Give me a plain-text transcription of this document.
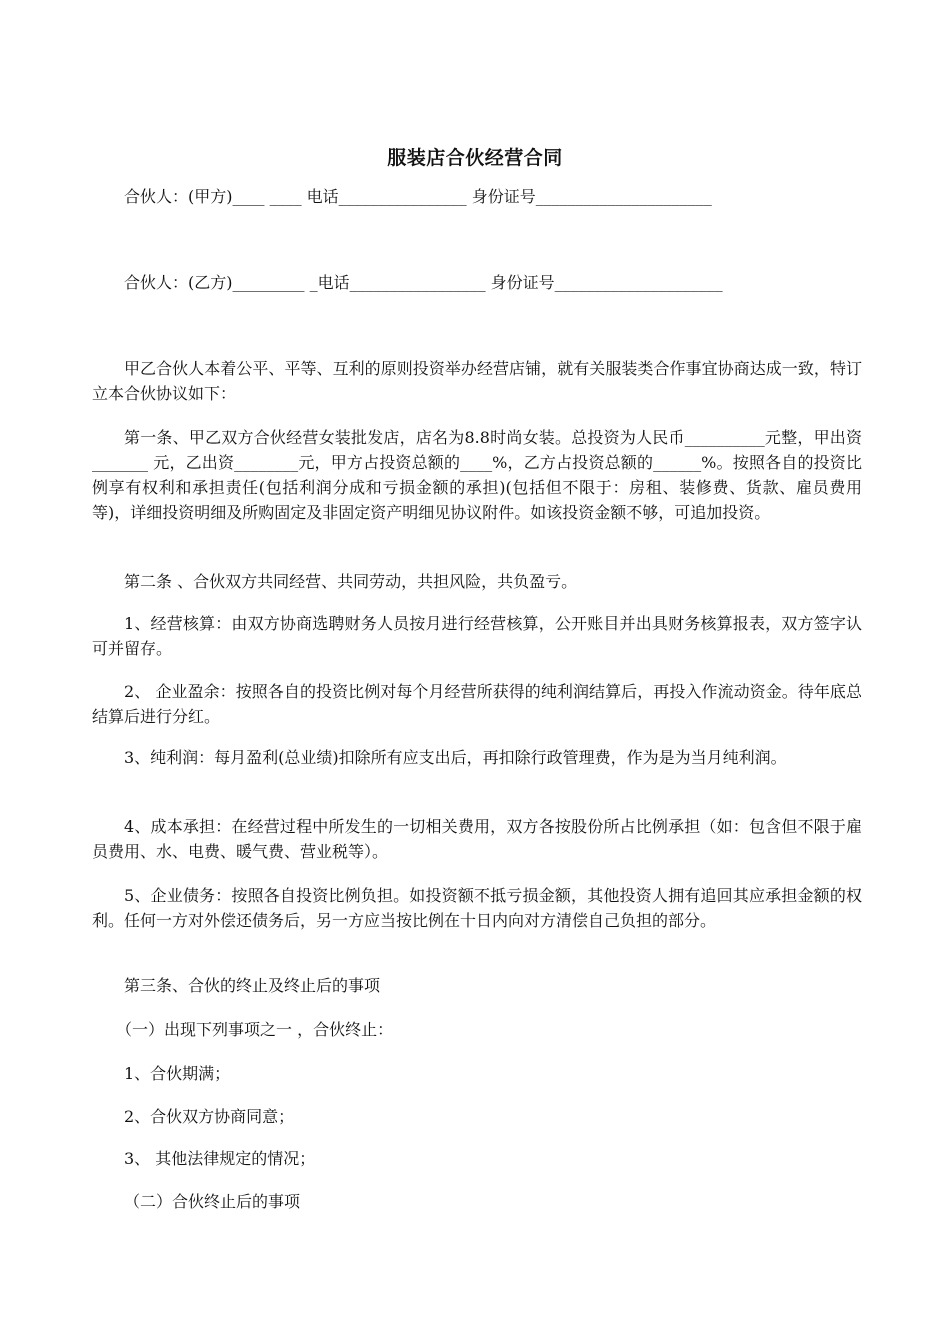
服装店合伙经营合同
合伙人：(甲方)____ ____ 电话________________ 身份证号______________________
合伙人：(乙方)_________ _电话_________________ 身份证号_____________________
甲乙合伙人本着公平、平等、互利的原则投资举办经营店铺，就有关服装类合作事宜协商达成一致，特订立本合伙协议如下：
第一条、甲乙双方合伙经营女装批发店，店名为8.8时尚女装。总投资为人民币__________元整，甲出资_______ 元，乙出资________元，甲方占投资总额的____%，乙方占投资总额的______%。按照各自的投资比例享有权利和承担责任(包括利润分成和亏损金额的承担)(包括但不限于：房租、装修费、货款、雇员费用等)，详细投资明细及所购固定及非固定资产明细见协议附件。如该投资金额不够，可追加投资。
第二条 、合伙双方共同经营、共同劳动，共担风险，共负盈亏。
1、经营核算：由双方协商选聘财务人员按月进行经营核算，公开账目并出具财务核算报表，双方签字认可并留存。
2、 企业盈余：按照各自的投资比例对每个月经营所获得的纯利润结算后，再投入作流动资金。待年底总结算后进行分红。
3、纯利润：每月盈利(总业绩)扣除所有应支出后，再扣除行政管理费，作为是为当月纯利润。
4、成本承担：在经营过程中所发生的一切相关费用，双方各按股份所占比例承担（如：包含但不限于雇员费用、水、电费、暖气费、营业税等）。
5、企业债务：按照各自投资比例负担。如投资额不抵亏损金额，其他投资人拥有追回其应承担金额的权利。任何一方对外偿还债务后，另一方应当按比例在十日内向对方清偿自己负担的部分。
第三条、合伙的终止及终止后的事项
（一）出现下列事项之一 ，合伙终止：
1、合伙期满；
2、合伙双方协商同意；
3、 其他法律规定的情况；
（二）合伙终止后的事项
